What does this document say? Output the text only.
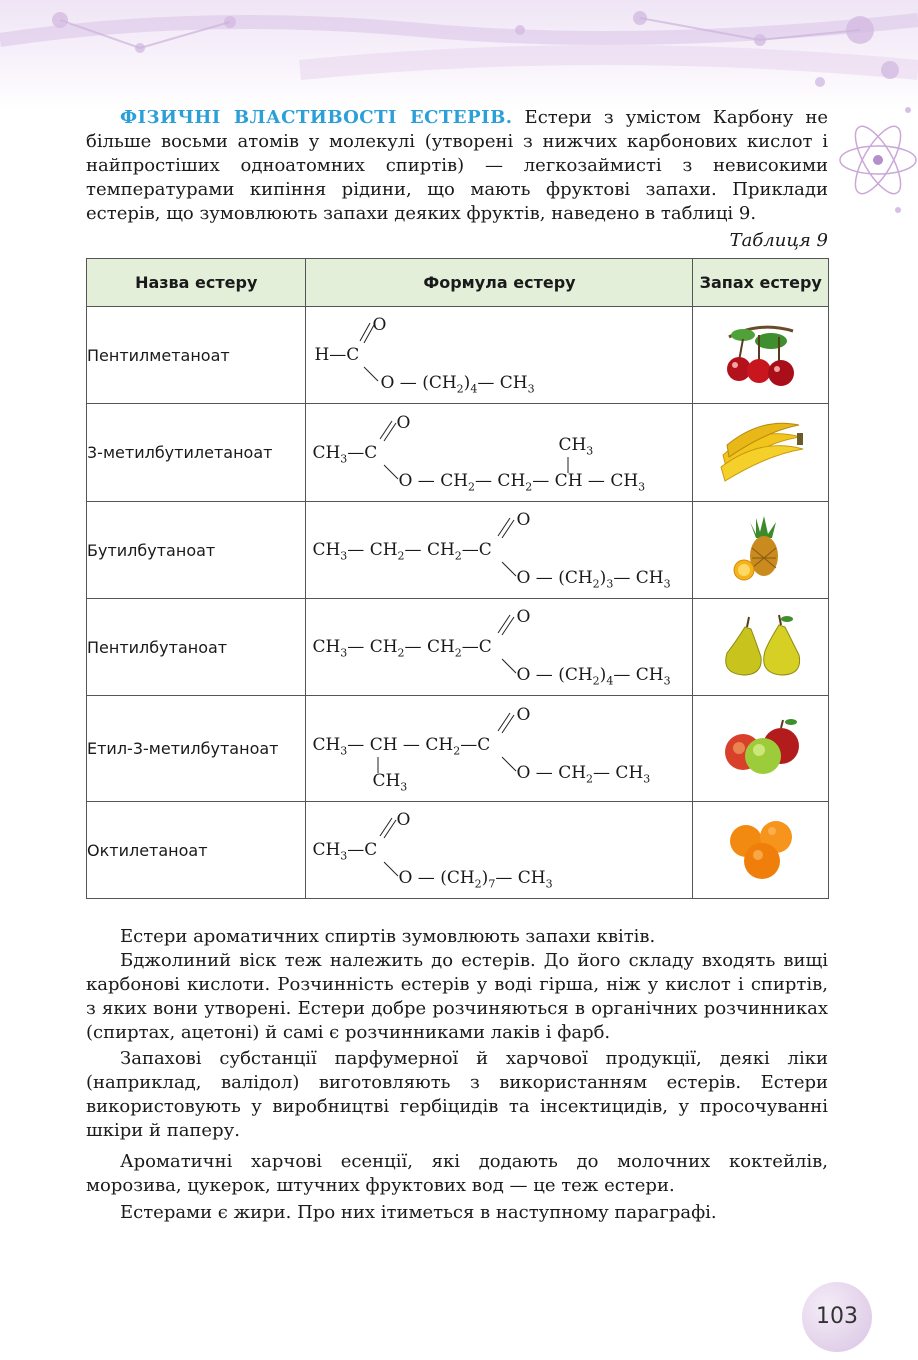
ФІЗИЧНІ ВЛАСТИВОСТІ ЕСТЕРІВ. Естери з умістом Карбону не більше восьми атомів у молекулі (утворені з нижчих карбонових кислот і найпростіших одноатомних спиртів) — легкозаймисті з невисокими температурами кипіння рідини, що мають фруктові запахи. Приклади естерів, що зумовлюють запахи деяких фруктів, наведено в таблиці 9.

Таблиця 9
Назва естеру	Формула естеру	Запах естеру
Пентилметаноат	O
H—C
O — $(CH_2)_4—$ $CH_3$

3-метилбутилетаноат	O
$CH_3—C$ $CH_3$
O — $CH_2—$ $CH_2—$ CH — $CH_3$

Бутилбутаноат	O
$CH_3—$ $CH_2—$ $CH_2—C$
O — $(CH_2)_3—$ $CH_3$

Пентилбутаноат	O
$CH_3—$ $CH_2—$ $CH_2—C$
O — $(CH_2)_4—$ $CH_3$

Етил-3-метилбутаноат	O
$CH_3—$ CH — $CH_2—C$
O — $CH_2—$ $CH_3$
$CH_3$

Октилетаноат	O
$CH_3—C$
O — $(CH_2)_7—$ $CH_3$

Естери ароматичних спиртів зумовлюють запахи квітів.

Бджолиний віск теж належить до естерів. До його складу входять вищі карбонові кислоти. Розчинність естерів у воді гірша, ніж у кислот і спиртів, з яких вони утворені. Естери добре розчиняються в органічних розчинниках (спиртах, ацетоні) й самі є розчинниками лаків і фарб.

Запахові субстанції парфумерної й харчової продукції, деякі ліки (наприклад, валідол) виготовляють з використанням естерів. Естери використовують у виробництві гербіцидів та інсектицидів, у просочуванні шкіри й паперу.

Ароматичні харчові есенції, які додають до молочних коктейлів, морозива, цукерок, штучних фруктових вод — це теж естери.

Естерами є жири. Про них ітиметься в наступному параграфі.

103
